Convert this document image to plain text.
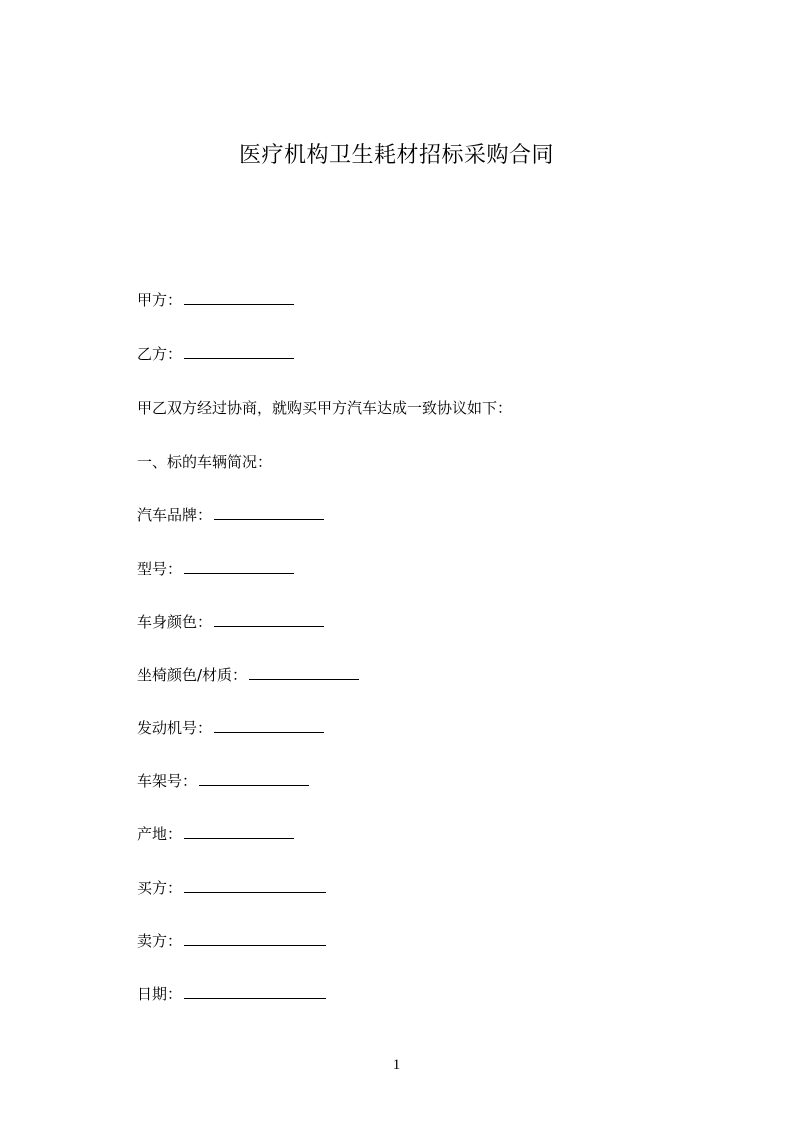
医疗机构卫生耗材招标采购合同
甲方：
乙方：
甲乙双方经过协商，就购买甲方汽车达成一致协议如下：
一、标的车辆简况：
汽车品牌：
型号：
车身颜色：
坐椅颜色/材质：
发动机号：
车架号：
产地：
买方：
卖方：
日期：
1
